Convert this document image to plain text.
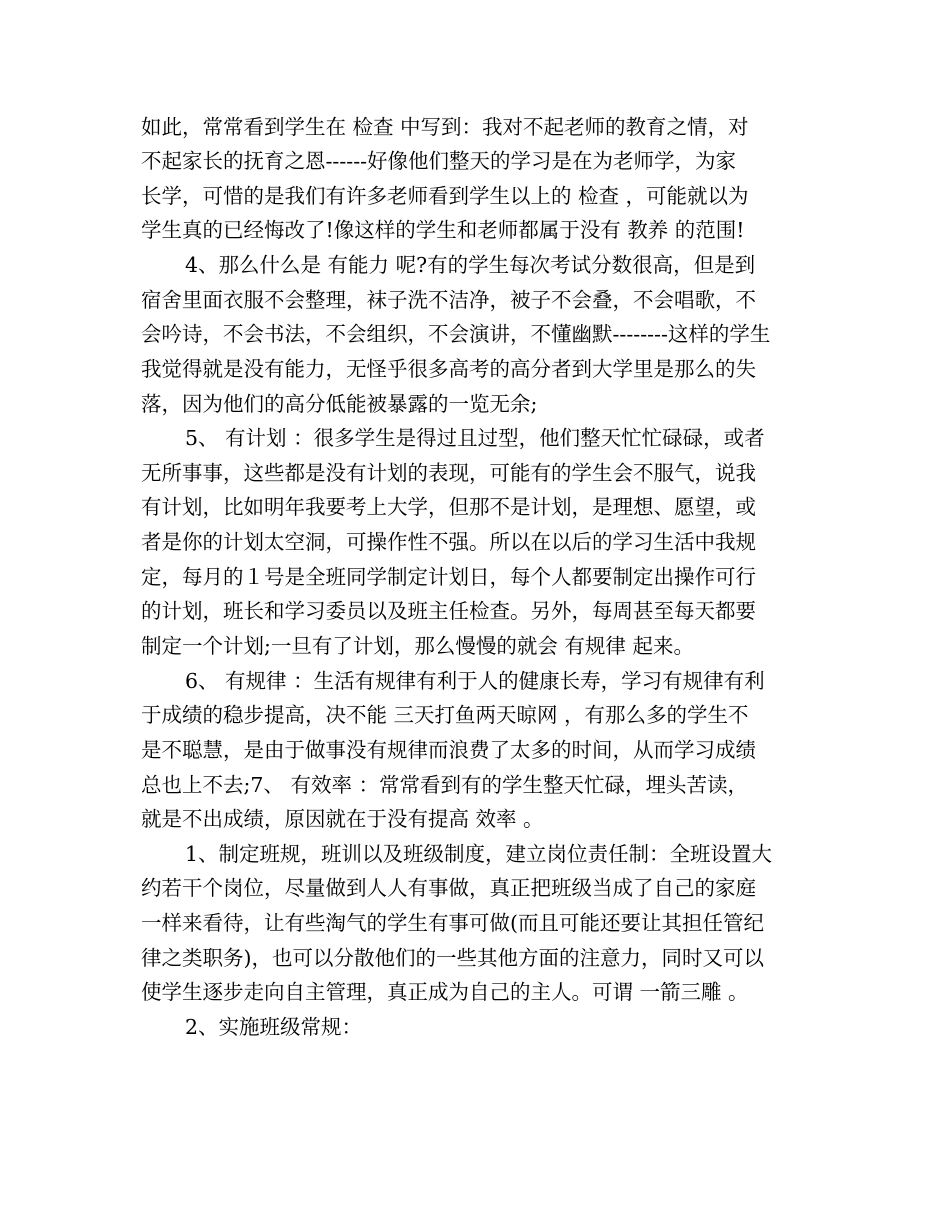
如此，常常看到学生在 检查 中写到：我对不起老师的教育之情，对
不起家长的抚育之恩------好像他们整天的学习是在为老师学，为家
长学，可惜的是我们有许多老师看到学生以上的 检查 ，可能就以为
学生真的已经悔改了!像这样的学生和老师都属于没有 教养 的范围!
4、那么什么是 有能力 呢?有的学生每次考试分数很高，但是到
宿舍里面衣服不会整理，袜子洗不洁净，被子不会叠，不会唱歌，不
会吟诗，不会书法，不会组织，不会演讲，不懂幽默--------这样的学生
我觉得就是没有能力，无怪乎很多高考的高分者到大学里是那么的失
落，因为他们的高分低能被暴露的一览无余;
5、 有计划 ：很多学生是得过且过型，他们整天忙忙碌碌，或者
无所事事，这些都是没有计划的表现，可能有的学生会不服气，说我
有计划，比如明年我要考上大学，但那不是计划，是理想、愿望，或
者是你的计划太空洞，可操作性不强。所以在以后的学习生活中我规
定，每月的１号是全班同学制定计划日，每个人都要制定出操作可行
的计划，班长和学习委员以及班主任检查。另外，每周甚至每天都要
制定一个计划;一旦有了计划，那么慢慢的就会 有规律 起来。
6、 有规律 ：生活有规律有利于人的健康长寿，学习有规律有利
于成绩的稳步提高，决不能 三天打鱼两天晾网 ，有那么多的学生不
是不聪慧，是由于做事没有规律而浪费了太多的时间，从而学习成绩
总也上不去;7、 有效率 ：常常看到有的学生整天忙碌，埋头苦读，
就是不出成绩，原因就在于没有提高 效率 。
1、制定班规，班训以及班级制度，建立岗位责任制：全班设置大
约若干个岗位，尽量做到人人有事做，真正把班级当成了自己的家庭
一样来看待，让有些淘气的学生有事可做(而且可能还要让其担任管纪
律之类职务)，也可以分散他们的一些其他方面的注意力，同时又可以
使学生逐步走向自主管理，真正成为自己的主人。可谓 一箭三雕 。
2、实施班级常规：
